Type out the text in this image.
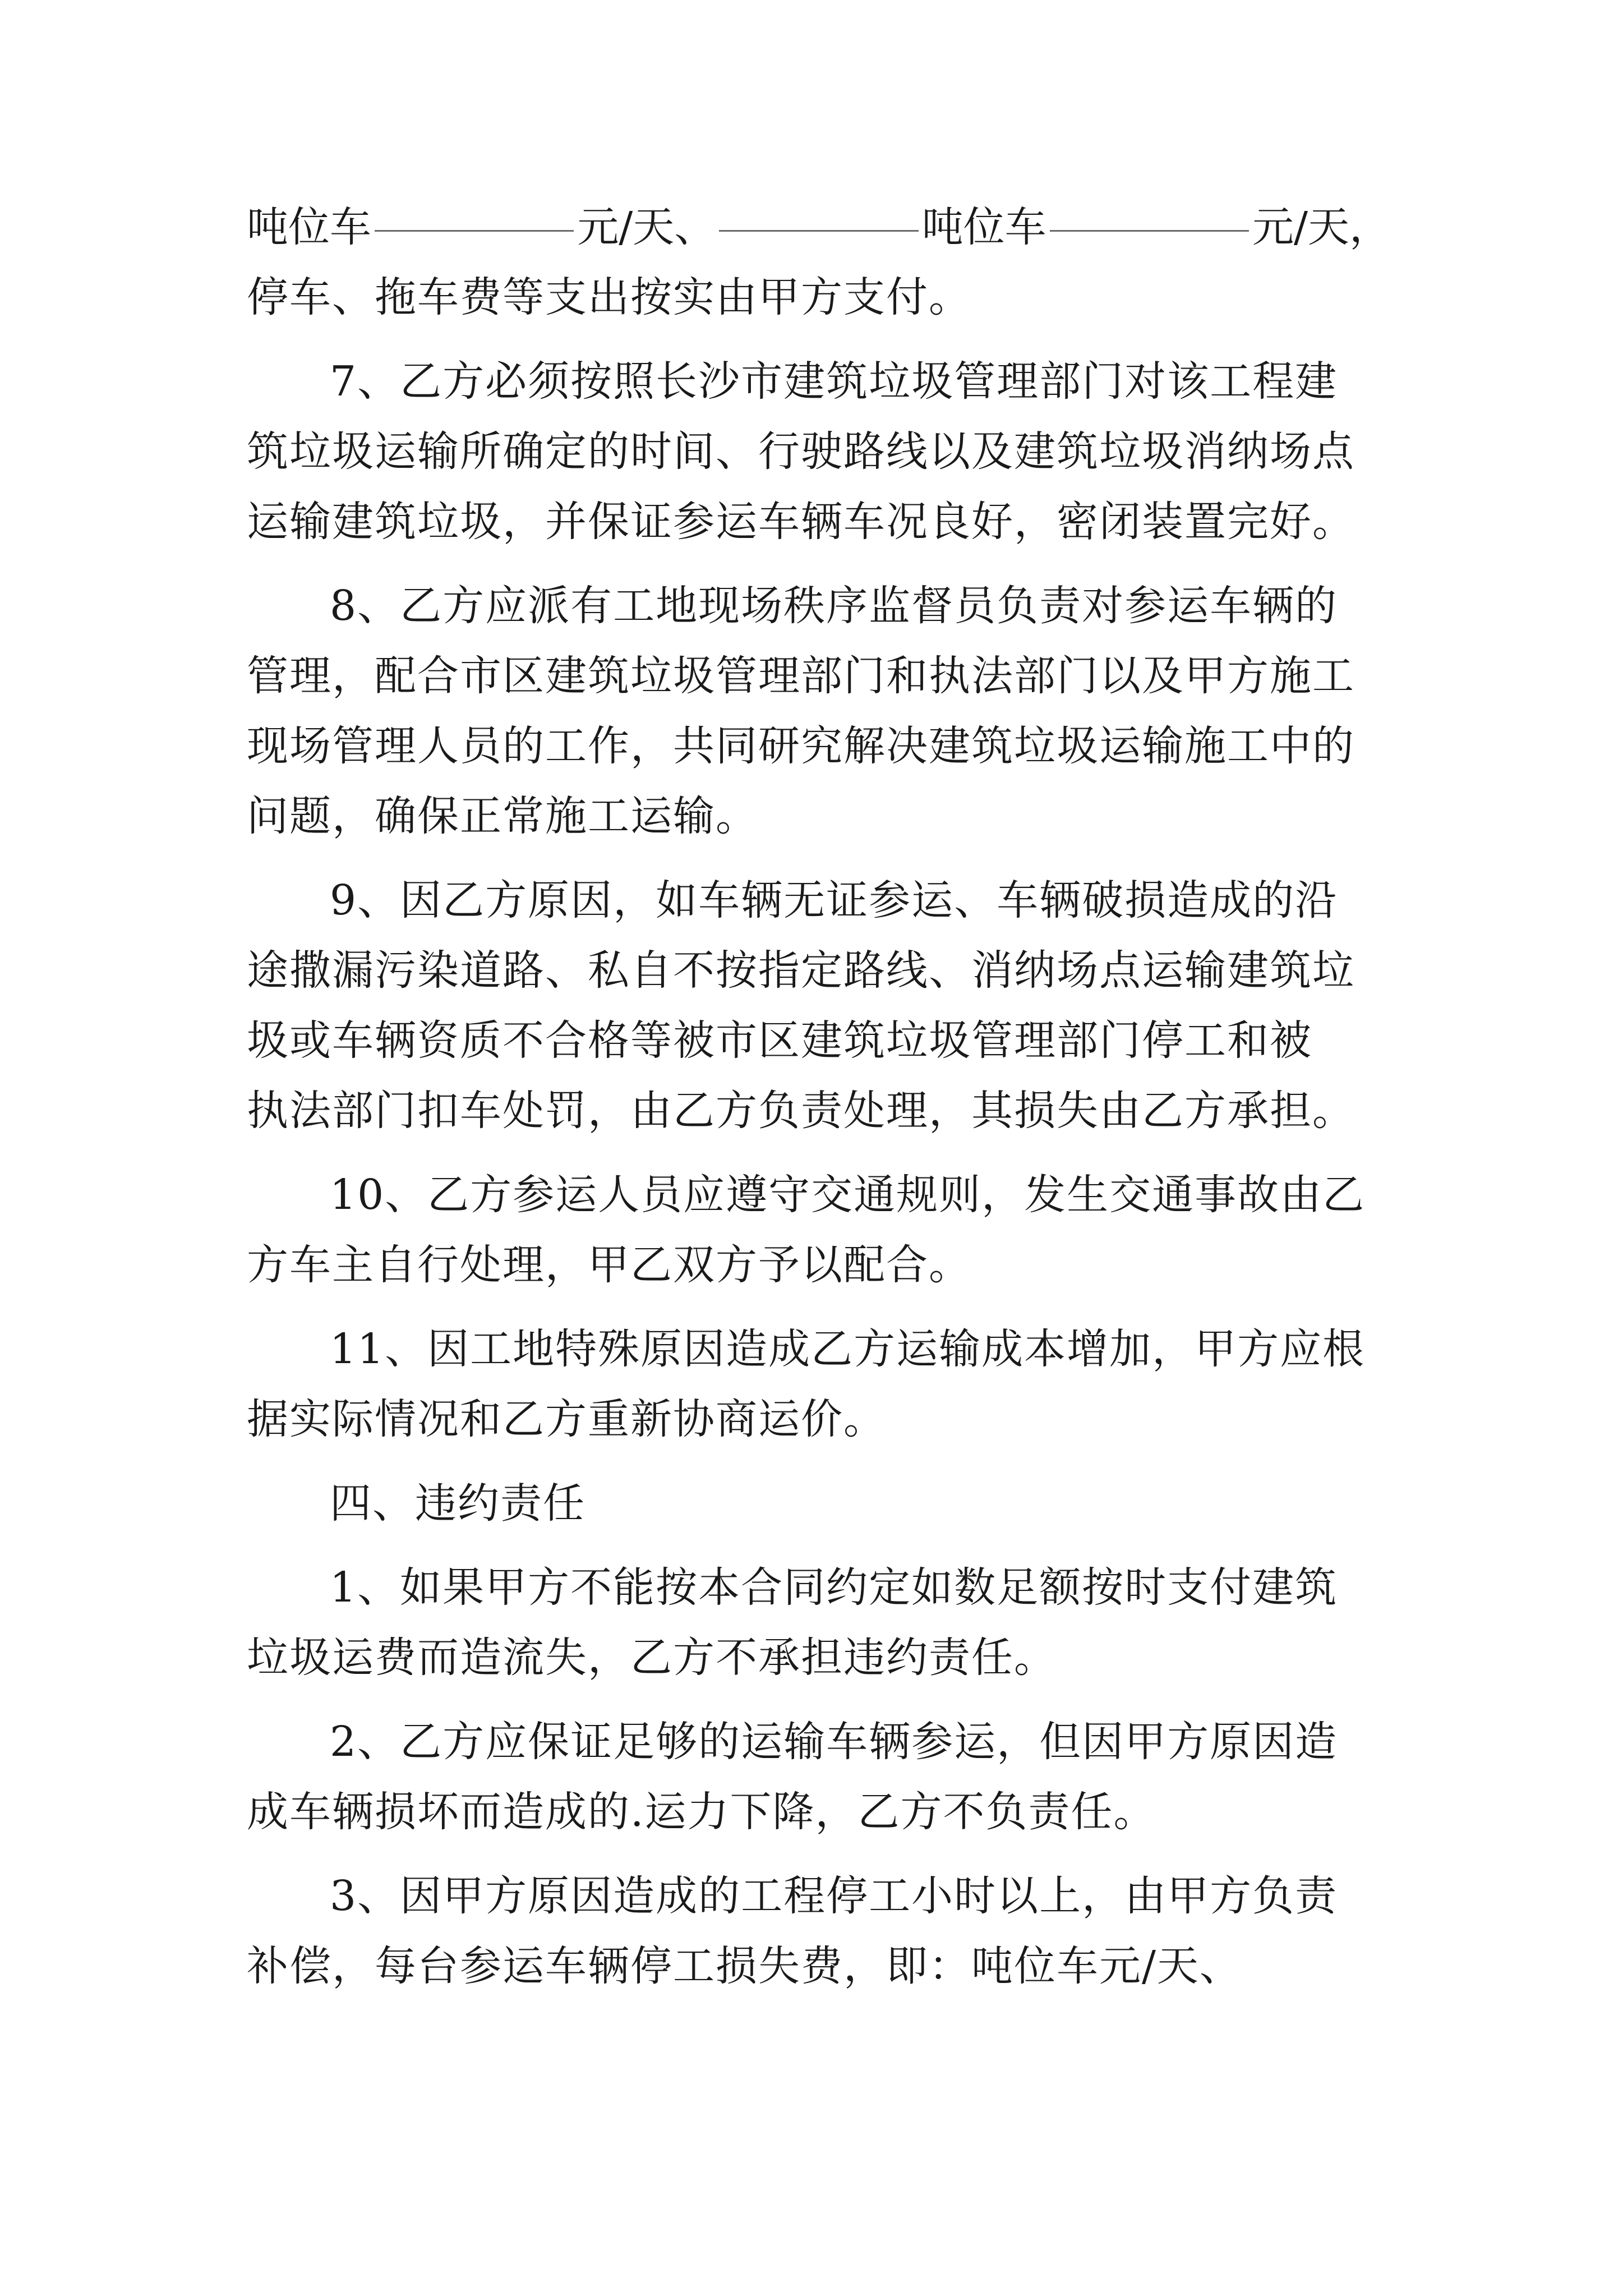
吨位车	元/天、	吨位车	元/天，
停车、拖车费等支出按实由甲方支付。
7、乙方必须按照长沙市建筑垃圾管理部门对该工程建
筑垃圾运输所确定的时间、行驶路线以及建筑垃圾消纳场点
运输建筑垃圾，并保证参运车辆车况良好，密闭装置完好。
8、乙方应派有工地现场秩序监督员负责对参运车辆的
管理，配合市区建筑垃圾管理部门和执法部门以及甲方施工
现场管理人员的工作，共同研究解决建筑垃圾运输施工中的
问题，确保正常施工运输。
9、因乙方原因，如车辆无证参运、车辆破损造成的沿
途撒漏污染道路、私自不按指定路线、消纳场点运输建筑垃
圾或车辆资质不合格等被市区建筑垃圾管理部门停工和被
执法部门扣车处罚，由乙方负责处理，其损失由乙方承担。
10、乙方参运人员应遵守交通规则，发生交通事故由乙
方车主自行处理，甲乙双方予以配合。
11、因工地特殊原因造成乙方运输成本增加，甲方应根
据实际情况和乙方重新协商运价。
四、违约责任
1、如果甲方不能按本合同约定如数足额按时支付建筑
垃圾运费而造流失，乙方不承担违约责任。
2、乙方应保证足够的运输车辆参运，但因甲方原因造
成车辆损坏而造成的.运力下降，乙方不负责任。
3、因甲方原因造成的工程停工小时以上，由甲方负责
补偿，每台参运车辆停工损失费，即：吨位车元/天、
